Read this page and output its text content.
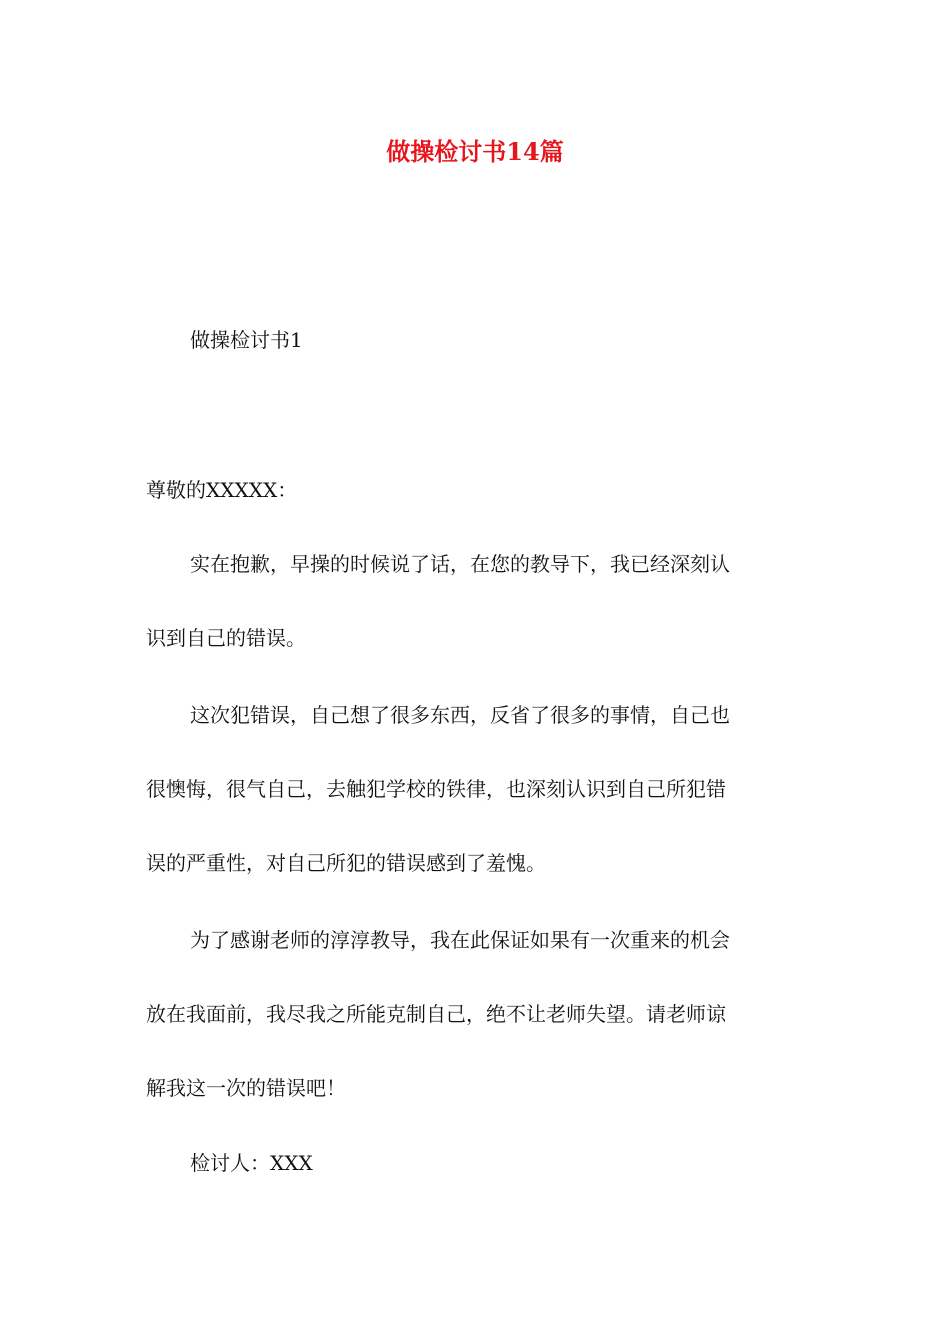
做操检讨书14篇

做操检讨书1

尊敬的XXXXX：

实在抱歉，早操的时候说了话，在您的教导下，我已经深刻认

识到自己的错误。

这次犯错误，自己想了很多东西，反省了很多的事情，自己也

很懊悔，很气自己，去触犯学校的铁律，也深刻认识到自己所犯错

误的严重性，对自己所犯的错误感到了羞愧。

为了感谢老师的淳淳教导，我在此保证如果有一次重来的机会

放在我面前，我尽我之所能克制自己，绝不让老师失望。请老师谅

解我这一次的错误吧！

检讨人：XXX
